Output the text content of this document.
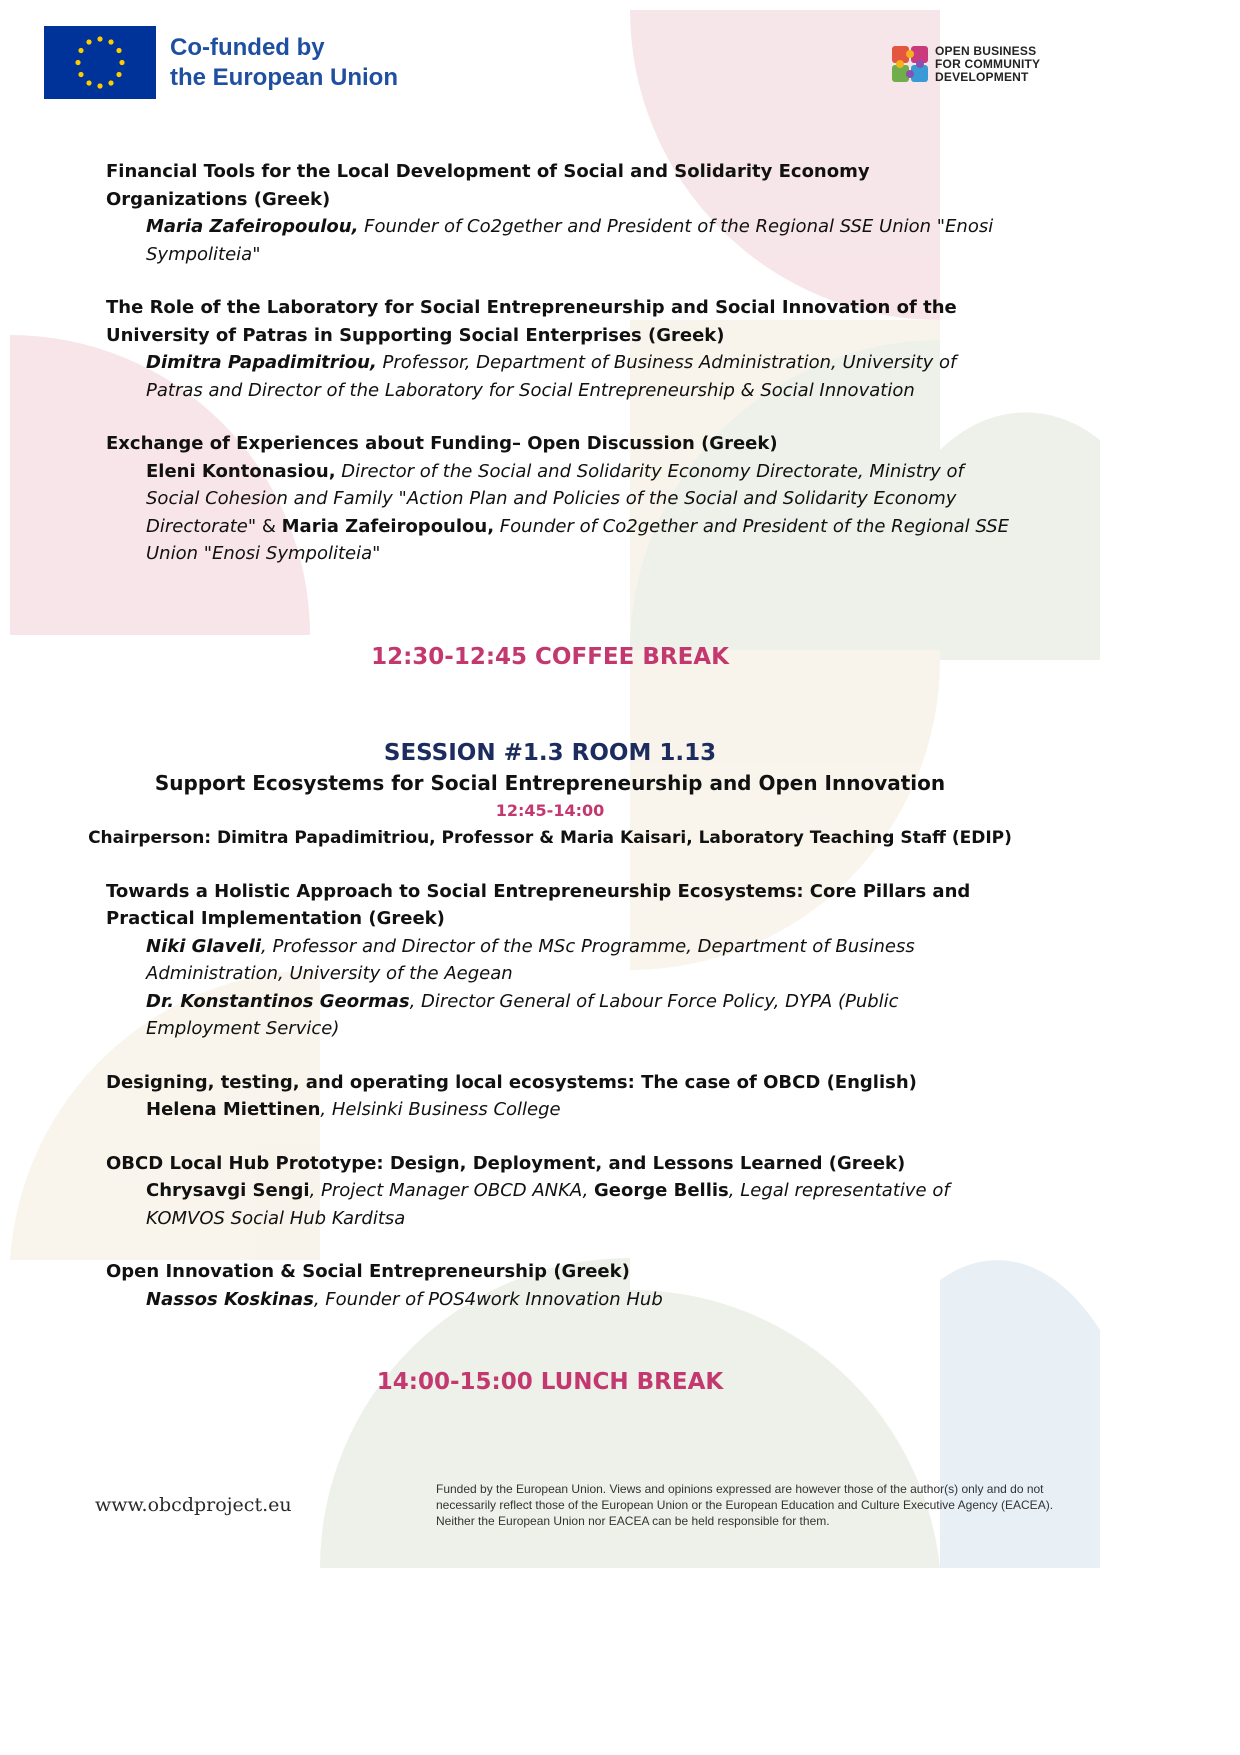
Co-funded by
the European Union
OPEN BUSINESS
FOR COMMUNITY
DEVELOPMENT
Financial Tools for the Local Development of Social and Solidarity Economy Organizations (Greek)
Maria Zafeiropoulou, Founder of Co2gether and President of the Regional SSE Union "Enosi Sympoliteia"
The Role of the Laboratory for Social Entrepreneurship and Social Innovation of the University of Patras in Supporting Social Enterprises (Greek)
Dimitra Papadimitriou, Professor, Department of Business Administration, University of Patras and Director of the Laboratory for Social Entrepreneurship & Social Innovation
Exchange of Experiences about Funding– Open Discussion (Greek)
Eleni Kontonasiou, Director of the Social and Solidarity Economy Directorate, Ministry of Social Cohesion and Family "Action Plan and Policies of the Social and Solidarity Economy Directorate" & Maria Zafeiropoulou, Founder of Co2gether and President of the Regional SSE Union "Enosi Sympoliteia"
12:30-12:45 COFFEE BREAK
SESSION #1.3 ROOM 1.13
Support Ecosystems for Social Entrepreneurship and Open Innovation
12:45-14:00
Chairperson: Dimitra Papadimitriou, Professor & Maria Kaisari, Laboratory Teaching Staff (EDIP)
Towards a Holistic Approach to Social Entrepreneurship Ecosystems: Core Pillars and Practical Implementation (Greek)
Niki Glaveli, Professor and Director of the MSc Programme, Department of Business Administration, University of the Aegean
Dr. Konstantinos Geormas, Director General of Labour Force Policy, DYPA (Public Employment Service)
Designing, testing, and operating local ecosystems: The case of OBCD (English)
Helena Miettinen, Helsinki Business College
OBCD Local Hub Prototype: Design, Deployment, and Lessons Learned (Greek)
Chrysavgi Sengi, Project Manager OBCD ANKA, George Bellis, Legal representative of KOMVOS Social Hub Karditsa
Open Innovation & Social Entrepreneurship (Greek)
Nassos Koskinas, Founder of POS4work Innovation Hub
14:00-15:00 LUNCH BREAK
www.obcdproject.eu
Funded by the European Union. Views and opinions expressed are however those of the author(s) only and do not necessarily reflect those of the European Union or the European Education and Culture Executive Agency (EACEA). Neither the European Union nor EACEA can be held responsible for them.
